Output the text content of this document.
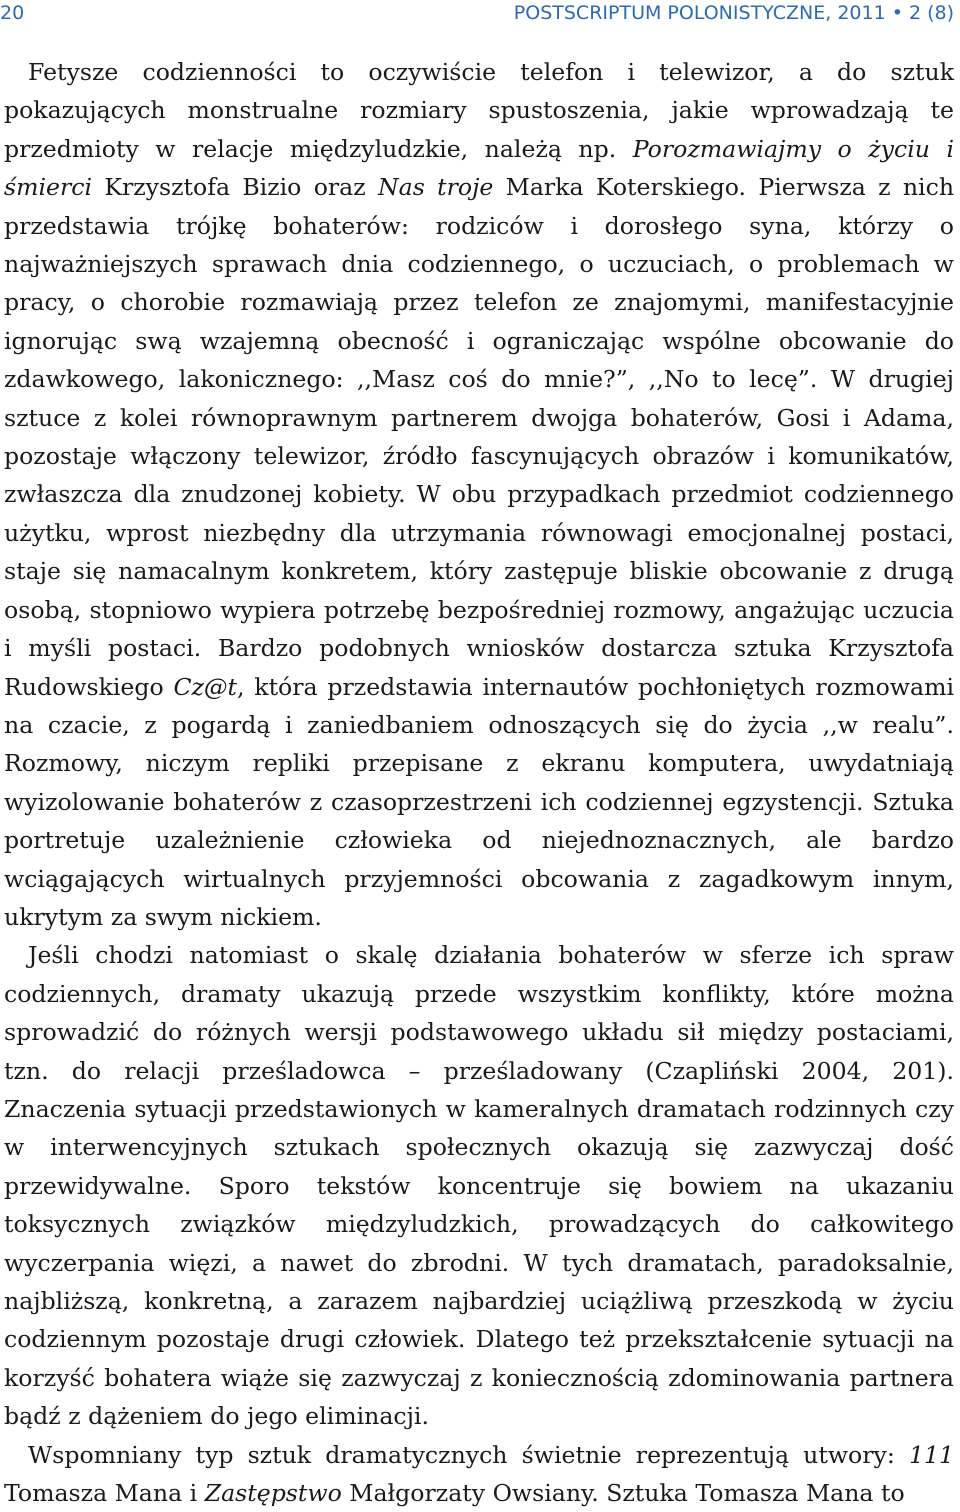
20	POSTSCRIPTUM POLONISTYCZNE, 2011 • 2 (8)

Fetysze codzienności to oczywiście telefon i telewizor, a do sztuk pokazujących monstrualne rozmiary spustoszenia, jakie wprowadzają te przedmioty w relacje międzyludzkie, należą np. Porozmawiajmy o życiu i śmierci Krzysztofa Bizio oraz Nas troje Marka Koterskiego. Pierwsza z nich przedstawia trójkę bohaterów: rodziców i dorosłego syna, którzy o najważniejszych sprawach dnia codziennego, o uczuciach, o problemach w pracy, o chorobie rozmawiają przez telefon ze znajomymi, manifestacyjnie ignorując swą wzajemną obecność i ograniczając wspólne obcowanie do zdawkowego, lakonicznego: ,,Masz coś do mnie?”, ,,No to lecę”. W drugiej sztuce z kolei równoprawnym partnerem dwojga bohaterów, Gosi i Adama, pozostaje włączony telewizor, źródło fascynujących obrazów i komunikatów, zwłaszcza dla znudzonej kobiety. W obu przypadkach przedmiot codziennego użytku, wprost niezbędny dla utrzymania równowagi emocjonalnej postaci, staje się namacalnym konkretem, który zastępuje bliskie obcowanie z drugą osobą, stopniowo wypiera potrzebę bezpośredniej rozmowy, angażując uczucia i myśli postaci. Bardzo podobnych wniosków dostarcza sztuka Krzysztofa Rudowskiego Cz@t, która przedstawia internautów pochłoniętych rozmowami na czacie, z pogardą i zaniedbaniem odnoszących się do życia ,,w realu”. Rozmowy, niczym repliki przepisane z ekranu komputera, uwydatniają wyizolowanie bohaterów z czasoprzestrzeni ich codziennej egzystencji. Sztuka portretuje uzależnienie człowieka od niejednoznacznych, ale bardzo wciągających wirtualnych przyjemności obcowania z zagadkowym innym, ukrytym za swym nickiem.

Jeśli chodzi natomiast o skalę działania bohaterów w sferze ich spraw codziennych, dramaty ukazują przede wszystkim konflikty, które można sprowadzić do różnych wersji podstawowego układu sił między postaciami, tzn. do relacji prześladowca – prześladowany (Czapliński 2004, 201). Znaczenia sytuacji przedstawionych w kameralnych dramatach rodzinnych czy w interwencyjnych sztukach społecznych okazują się zazwyczaj dość przewidywalne. Sporo tekstów koncentruje się bowiem na ukazaniu toksycznych związków międzyludzkich, prowadzących do całkowitego wyczerpania więzi, a nawet do zbrodni. W tych dramatach, paradoksalnie, najbliższą, konkretną, a zarazem najbardziej uciążliwą przeszkodą w życiu codziennym pozostaje drugi człowiek. Dlatego też przekształcenie sytuacji na korzyść bohatera wiąże się zazwyczaj z koniecznością zdominowania partnera bądź z dążeniem do jego eliminacji.

Wspomniany typ sztuk dramatycznych świetnie reprezentują utwory: 111 Tomasza Mana i Zastępstwo Małgorzaty Owsiany. Sztuka Tomasza Mana to
